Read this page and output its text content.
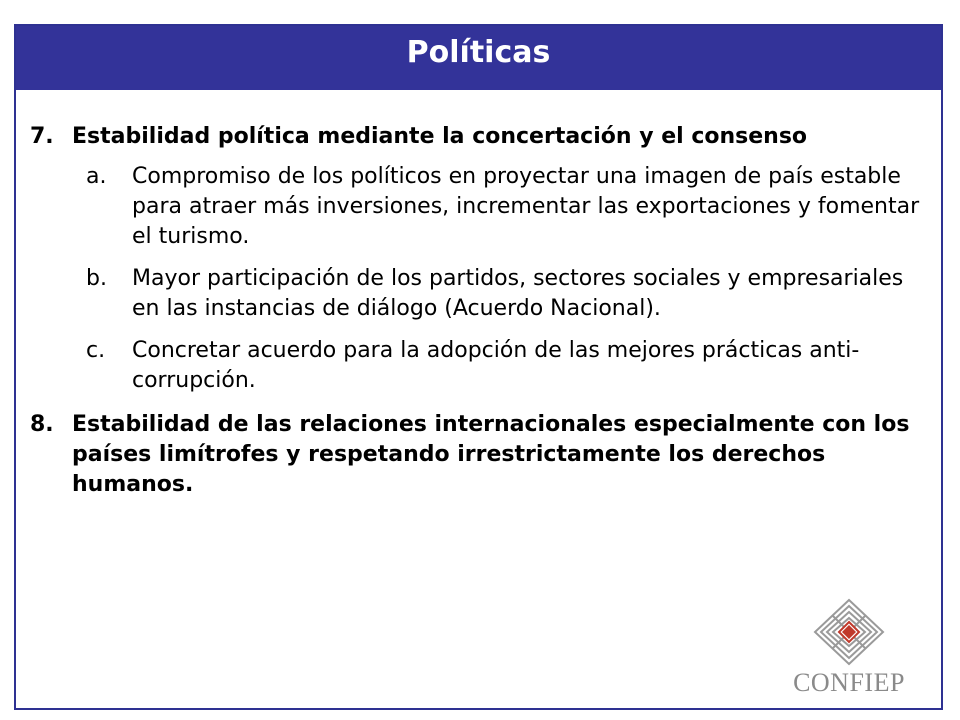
Políticas
7. Estabilidad política mediante la concertación y el consenso
a.	Compromiso de los políticos en proyectar una imagen de país estable para atraer más inversiones, incrementar las exportaciones y fomentar el turismo.
b.	Mayor participación de los partidos, sectores sociales y empresariales en las instancias de diálogo (Acuerdo Nacional).
c.	Concretar acuerdo para la adopción de las mejores prácticas anti-corrupción.
8. Estabilidad de las relaciones internacionales especialmente con los países limítrofes y respetando irrestrictamente los derechos humanos.
CONFIEP
